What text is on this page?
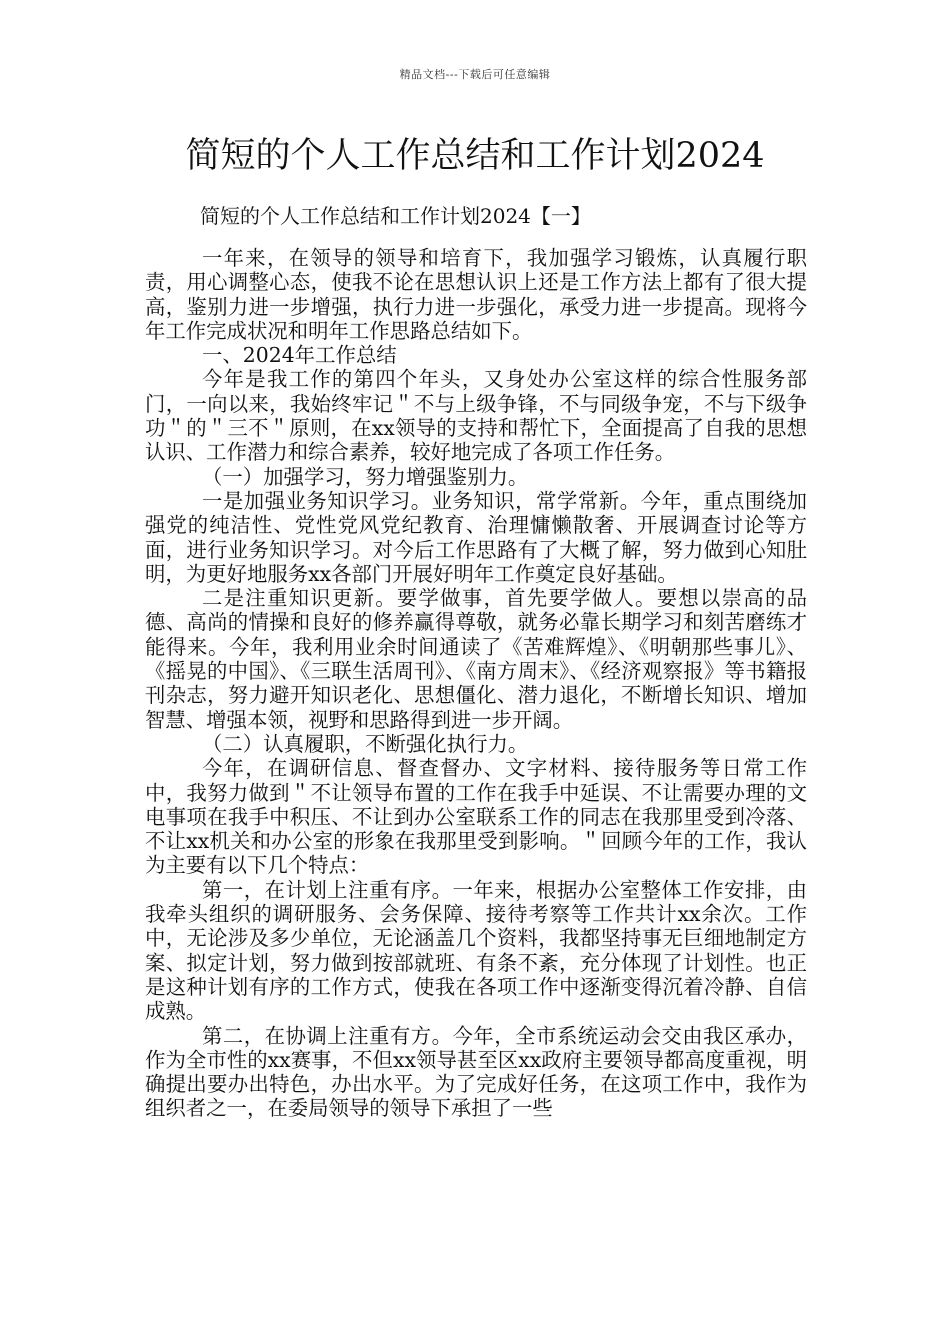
精品文档---下载后可任意编辑
简短的个人工作总结和工作计划2024

简短的个人工作总结和工作计划2024【一】

一年来，在领导的领导和培育下，我加强学习锻炼，认真履行职责，用心调整心态，使我不论在思想认识上还是工作方法上都有了很大提高，鉴别力进一步增强，执行力进一步强化，承受力进一步提高。现将今年工作完成状况和明年工作思路总结如下。

一、2024年工作总结

今年是我工作的第四个年头，又身处办公室这样的综合性服务部门，一向以来，我始终牢记＂不与上级争锋，不与同级争宠，不与下级争功＂的＂三不＂原则，在xx领导的支持和帮忙下，全面提高了自我的思想认识、工作潜力和综合素养，较好地完成了各项工作任务。

（一）加强学习，努力增强鉴别力。

一是加强业务知识学习。业务知识，常学常新。今年，重点围绕加强党的纯洁性、党性党风党纪教育、治理慵懒散奢、开展调查讨论等方面，进行业务知识学习。对今后工作思路有了大概了解，努力做到心知肚明，为更好地服务xx各部门开展好明年工作奠定良好基础。

二是注重知识更新。要学做事，首先要学做人。要想以崇高的品德、高尚的情操和良好的修养赢得尊敬，就务必靠长期学习和刻苦磨练才能得来。今年，我利用业余时间通读了《苦难辉煌》、《明朝那些事儿》、《摇晃的中国》、《三联生活周刊》、《南方周末》、《经济观察报》等书籍报刊杂志，努力避开知识老化、思想僵化、潜力退化，不断增长知识、增加智慧、增强本领，视野和思路得到进一步开阔。

（二）认真履职，不断强化执行力。

今年，在调研信息、督查督办、文字材料、接待服务等日常工作中，我努力做到＂不让领导布置的工作在我手中延误、不让需要办理的文电事项在我手中积压、不让到办公室联系工作的同志在我那里受到冷落、不让xx机关和办公室的形象在我那里受到影响。＂回顾今年的工作，我认为主要有以下几个特点：

第一，在计划上注重有序。一年来，根据办公室整体工作安排，由我牵头组织的调研服务、会务保障、接待考察等工作共计xx余次。工作中，无论涉及多少单位，无论涵盖几个资料，我都坚持事无巨细地制定方案、拟定计划，努力做到按部就班、有条不紊，充分体现了计划性。也正是这种计划有序的工作方式，使我在各项工作中逐渐变得沉着冷静、自信成熟。

第二，在协调上注重有方。今年，全市系统运动会交由我区承办，作为全市性的xx赛事，不但xx领导甚至区xx政府主要领导都高度重视，明确提出要办出特色，办出水平。为了完成好任务，在这项工作中，我作为组织者之一，在委局领导的领导下承担了一些
